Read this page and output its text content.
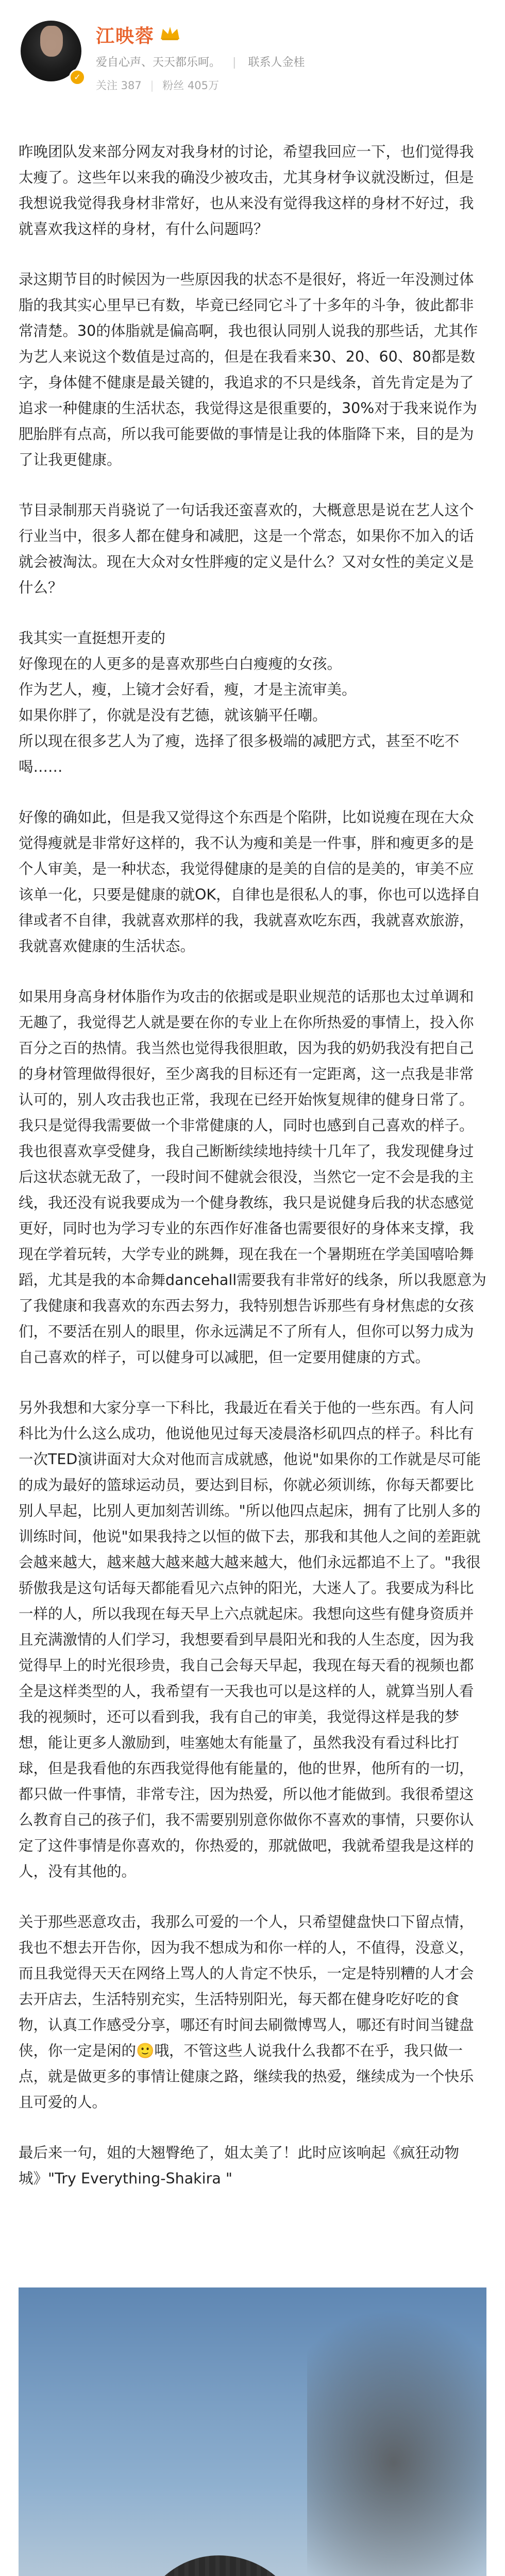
✓
江映蓉
爱自心声、天天都乐呵。 | 联系人金桂
关注 387 | 粉丝 405万
昨晚团队发来部分网友对我身材的讨论，希望我回应一下，也们觉得我太瘦了。这些年以来我的确没少被攻击，尤其身材争议就没断过，但是我想说我觉得我身材非常好，也从来没有觉得我这样的身材不好过，我就喜欢我这样的身材，有什么问题吗？
录这期节目的时候因为一些原因我的状态不是很好，将近一年没测过体脂的我其实心里早已有数，毕竟已经同它斗了十多年的斗争，彼此都非常清楚。30的体脂就是偏高啊，我也很认同别人说我的那些话，尤其作为艺人来说这个数值是过高的，但是在我看来30、20、60、80都是数字，身体健不健康是最关键的，我追求的不只是线条，首先肯定是为了追求一种健康的生活状态，我觉得这是很重要的，30%对于我来说作为肥胎胖有点高，所以我可能要做的事情是让我的体脂降下来，目的是为了让我更健康。
节目录制那天肖骁说了一句话我还蛮喜欢的，大概意思是说在艺人这个行业当中，很多人都在健身和减肥，这是一个常态，如果你不加入的话就会被淘汰。现在大众对女性胖瘦的定义是什么？又对女性的美定义是什么？
我其实一直挺想开麦的
好像现在的人更多的是喜欢那些白白瘦瘦的女孩。
作为艺人，瘦，上镜才会好看，瘦，才是主流审美。
如果你胖了，你就是没有艺德，就该躺平任嘲。
所以现在很多艺人为了瘦，选择了很多极端的减肥方式，甚至不吃不喝……
好像的确如此，但是我又觉得这个东西是个陷阱，比如说瘦在现在大众觉得瘦就是非常好这样的，我不认为瘦和美是一件事，胖和瘦更多的是个人审美，是一种状态，我觉得健康的是美的自信的是美的，审美不应该单一化，只要是健康的就OK，自律也是很私人的事，你也可以选择自律或者不自律，我就喜欢那样的我，我就喜欢吃东西，我就喜欢旅游，我就喜欢健康的生活状态。
如果用身高身材体脂作为攻击的依据或是职业规范的话那也太过单调和无趣了，我觉得艺人就是要在你的专业上在你所热爱的事情上，投入你百分之百的热情。我当然也觉得我很胆敢，因为我的奶奶我没有把自己的身材管理做得很好，至少离我的目标还有一定距离，这一点我是非常认可的，别人攻击我也正常，我现在已经开始恢复规律的健身日常了。我只是觉得我需要做一个非常健康的人，同时也感到自己喜欢的样子。我也很喜欢享受健身，我自己断断续续地持续十几年了，我发现健身过后这状态就无敌了，一段时间不健就会很没，当然它一定不会是我的主线，我还没有说我要成为一个健身教练，我只是说健身后我的状态感觉更好，同时也为学习专业的东西作好准备也需要很好的身体来支撑，我现在学着玩转，大学专业的跳舞，现在我在一个暑期班在学美国嘻哈舞蹈，尤其是我的本命舞dancehall需要我有非常好的线条，所以我愿意为了我健康和我喜欢的东西去努力，我特别想告诉那些有身材焦虑的女孩们，不要活在别人的眼里，你永远满足不了所有人，但你可以努力成为自己喜欢的样子，可以健身可以减肥，但一定要用健康的方式。
另外我想和大家分享一下科比，我最近在看关于他的一些东西。有人问科比为什么这么成功，他说他见过每天凌晨洛杉矶四点的样子。科比有一次TED演讲面对大众对他而言成就感，他说"如果你的工作就是尽可能的成为最好的篮球运动员，要达到目标，你就必须训练，你每天都要比别人早起，比别人更加刻苦训练。"所以他四点起床，拥有了比别人多的训练时间，他说"如果我持之以恒的做下去，那我和其他人之间的差距就会越来越大，越来越大越来越大越来越大，他们永远都追不上了。"我很骄傲我是这句话每天都能看见六点钟的阳光，大迷人了。我要成为科比一样的人，所以我现在每天早上六点就起床。我想向这些有健身资质并且充满激情的人们学习，我想要看到早晨阳光和我的人生态度，因为我觉得早上的时光很珍贵，我自己会每天早起，我现在每天看的视频也都全是这样类型的人，我希望有一天我也可以是这样的人，就算当别人看我的视频时，还可以看到我，我有自己的审美，我觉得这样是我的梦想，能让更多人激励到，哇塞她太有能量了，虽然我没有看过科比打球，但是我看他的东西我觉得他有能量的，他的世界，他所有的一切，都只做一件事情，非常专注，因为热爱，所以他才能做到。我很希望这么教育自己的孩子们，我不需要别别意你做你不喜欢的事情，只要你认定了这件事情是你喜欢的，你热爱的，那就做吧，我就希望我是这样的人，没有其他的。
关于那些恶意攻击，我那么可爱的一个人，只希望健盘快口下留点情，我也不想去开告你，因为我不想成为和你一样的人，不值得，没意义，而且我觉得天天在网络上骂人的人肯定不快乐，一定是特别糟的人才会去开店去，生活特别充实，生活特别阳光，每天都在健身吃好吃的食物，认真工作感受分享，哪还有时间去刷微博骂人，哪还有时间当键盘侠，你一定是闲的🙂哦，不管这些人说我什么我都不在乎，我只做一点，就是做更多的事情让健康之路，继续我的热爱，继续成为一个快乐且可爱的人。
最后来一句，姐的大翘臀绝了，姐太美了！此时应该响起《疯狂动物城》"Try Everything-Shakira "
